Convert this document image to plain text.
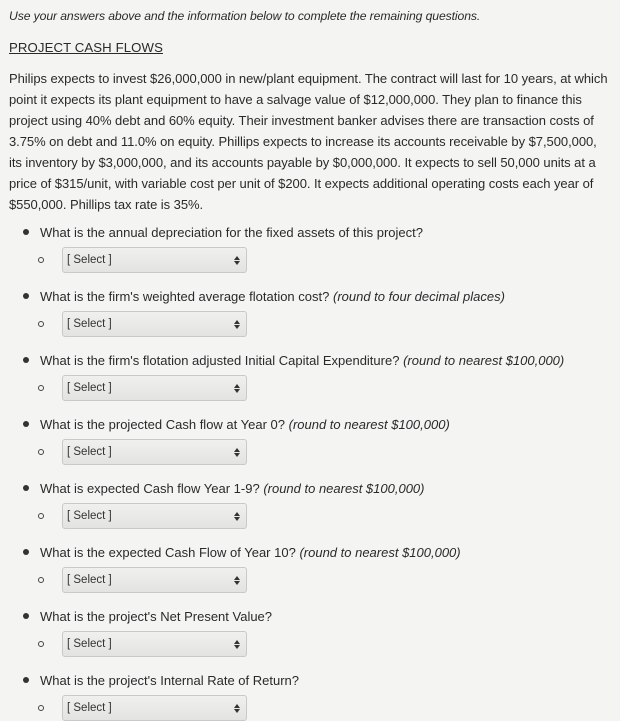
Use your answers above and the information below to complete the remaining questions.

PROJECT CASH FLOWS

Philips expects to invest $26,000,000 in new/plant equipment. The contract will last for 10 years, at which point it expects its plant equipment to have a salvage value of $12,000,000. They plan to finance this project using 40% debt and 60% equity. Their investment banker advises there are transaction costs of 3.75% on debt and 11.0% on equity. Phillips expects to increase its accounts receivable by $7,500,000, its inventory by $3,000,000, and its accounts payable by $0,000,000. It expects to sell 50,000 units at a price of $315/unit, with variable cost per unit of $200. It expects additional operating costs each year of $550,000. Phillips tax rate is 35%.

What is the annual depreciation for the fixed assets of this project?
[ Select ]
What is the firm's weighted average flotation cost? (round to four decimal places)
[ Select ]
What is the firm's flotation adjusted Initial Capital Expenditure? (round to nearest $100,000)
[ Select ]
What is the projected Cash flow at Year 0? (round to nearest $100,000)
[ Select ]
What is expected Cash flow Year 1-9? (round to nearest $100,000)
[ Select ]
What is the expected Cash Flow of Year 10? (round to nearest $100,000)
[ Select ]
What is the project's Net Present Value?
[ Select ]
What is the project's Internal Rate of Return?
[ Select ]
